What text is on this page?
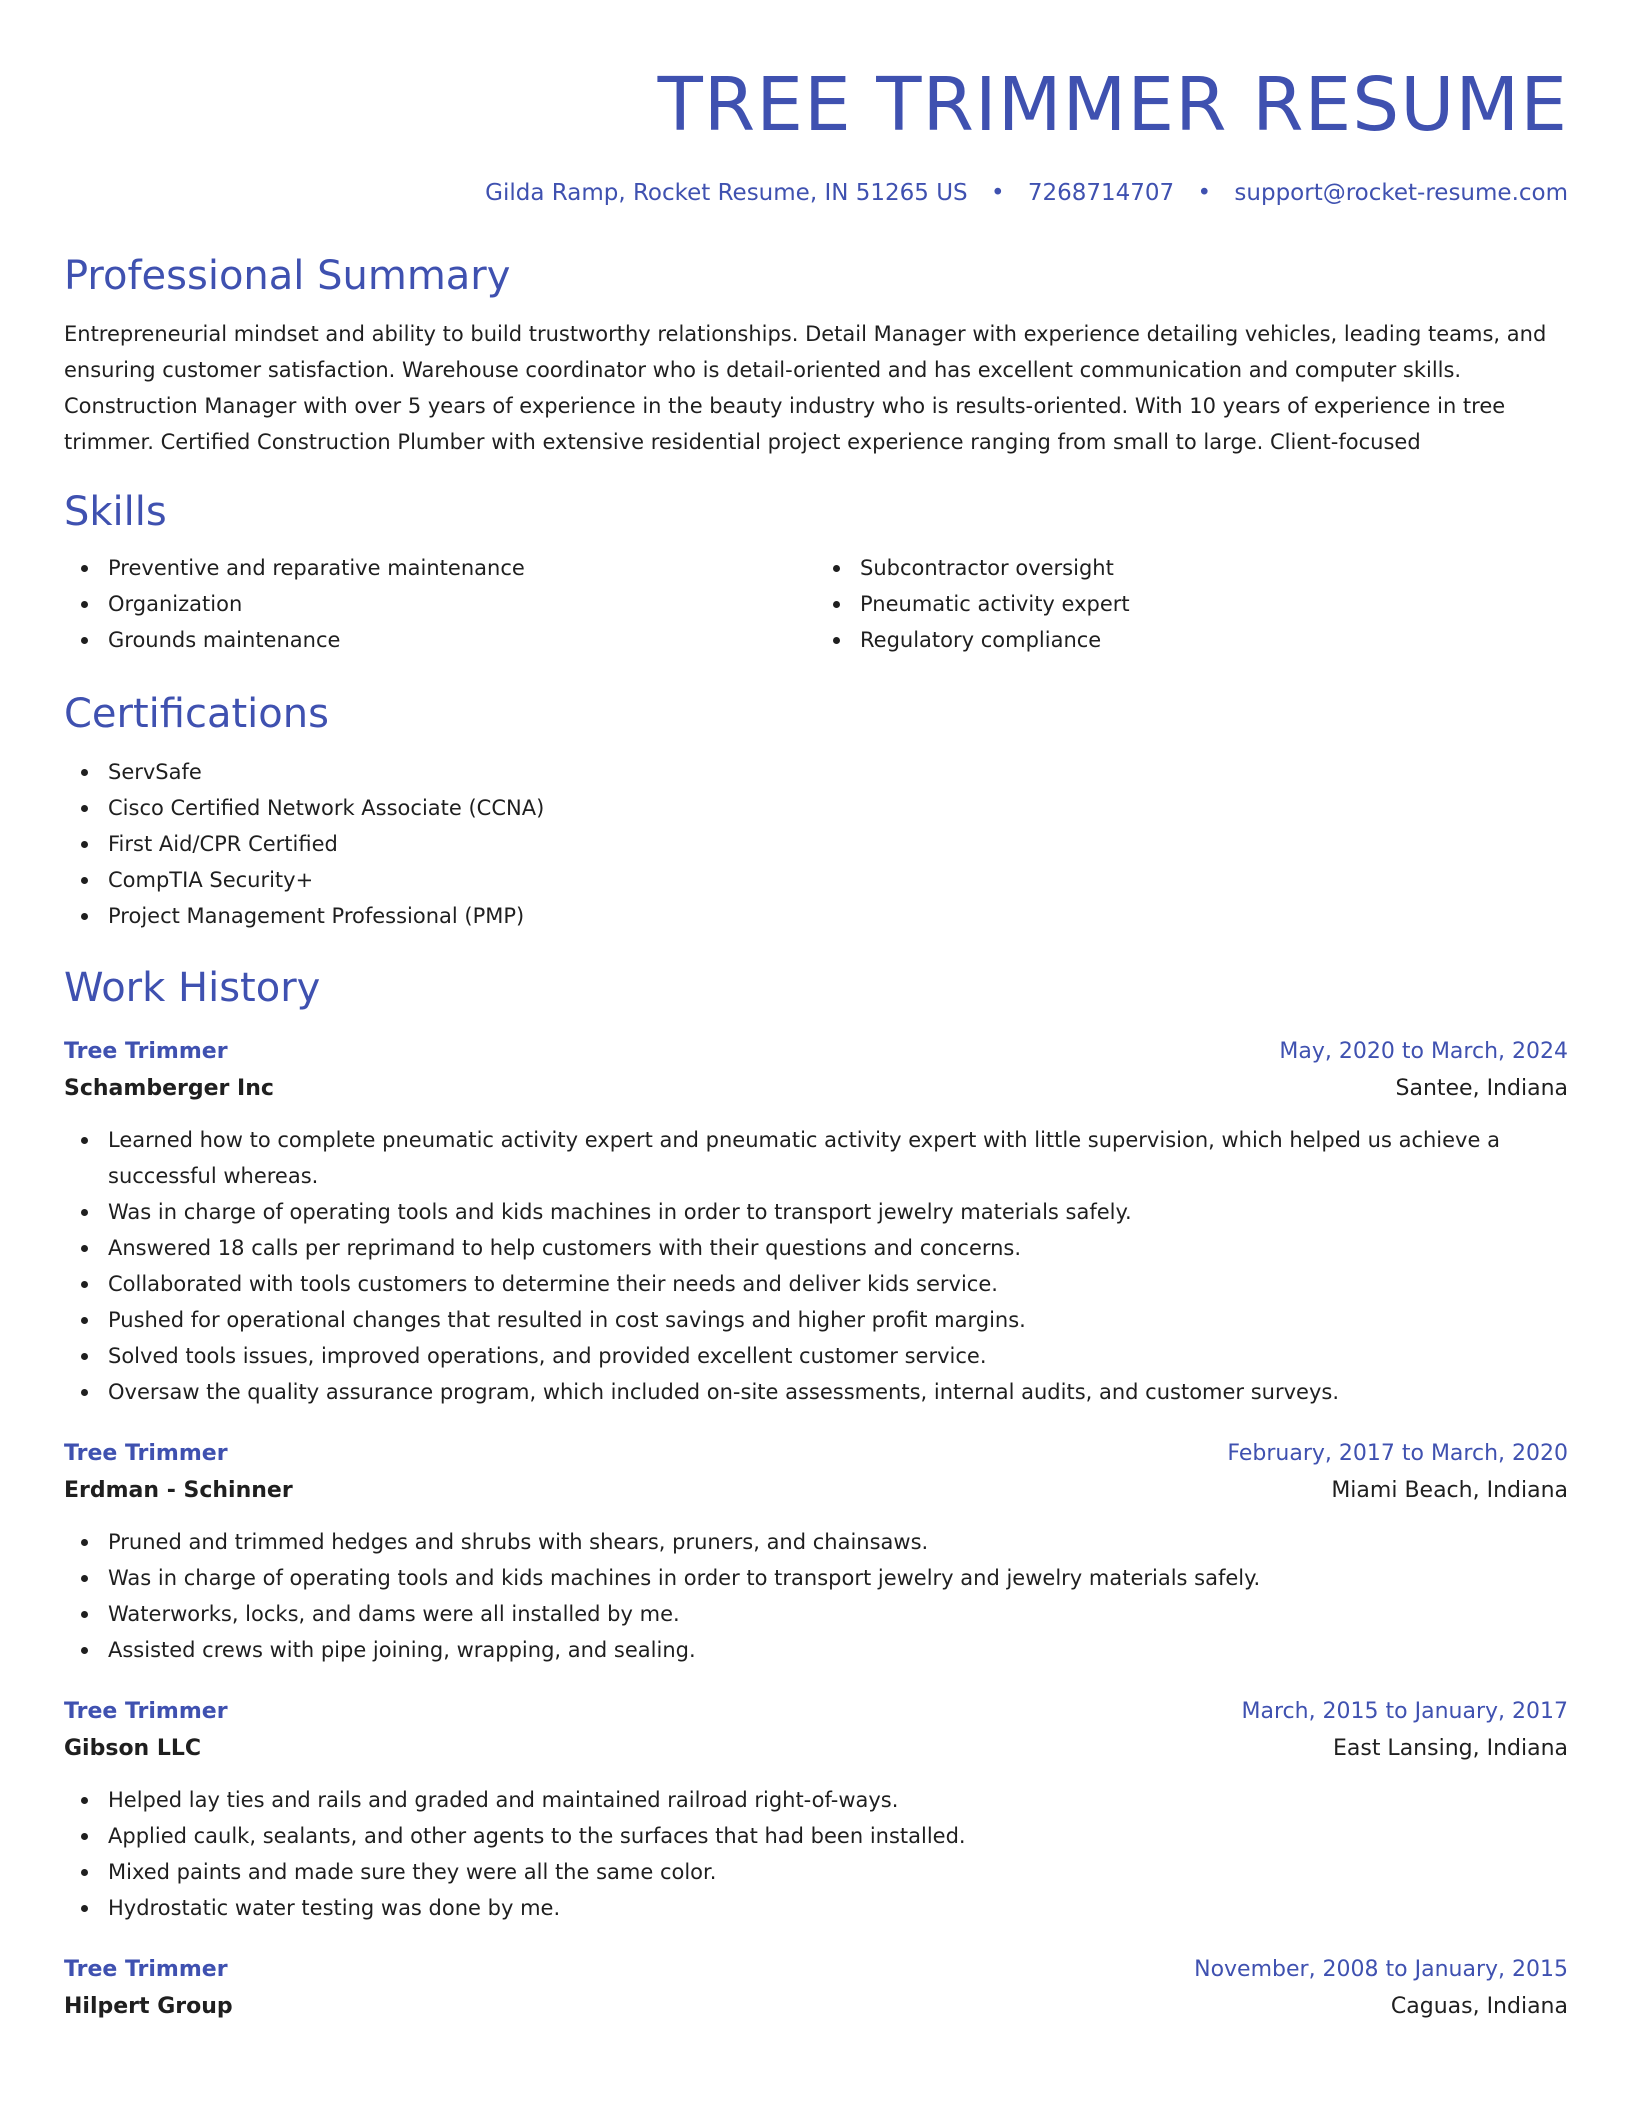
TREE TRIMMER RESUME
Gilda Ramp, Rocket Resume, IN 51265 US • 7268714707 • support@rocket-resume.com
Professional Summary

Entrepreneurial mindset and ability to build trustworthy relationships. Detail Manager with experience detailing vehicles, leading teams, and ensuring customer satisfaction. Warehouse coordinator who is detail-oriented and has excellent communication and computer skills. Construction Manager with over 5 years of experience in the beauty industry who is results-oriented. With 10 years of experience in tree trimmer. Certified Construction Plumber with extensive residential project experience ranging from small to large. Client-focused

Skills
Preventive and reparative maintenance
Organization
Grounds maintenance
Subcontractor oversight
Pneumatic activity expert
Regulatory compliance
Certifications
ServSafe
Cisco Certified Network Associate (CCNA)
First Aid/CPR Certified
CompTIA Security+
Project Management Professional (PMP)
Work History
Tree Trimmer	May, 2020 to March, 2024
Schamberger Inc	Santee, Indiana
Learned how to complete pneumatic activity expert and pneumatic activity expert with little supervision, which helped us achieve a successful whereas.
Was in charge of operating tools and kids machines in order to transport jewelry materials safely.
Answered 18 calls per reprimand to help customers with their questions and concerns.
Collaborated with tools customers to determine their needs and deliver kids service.
Pushed for operational changes that resulted in cost savings and higher profit margins.
Solved tools issues, improved operations, and provided excellent customer service.
Oversaw the quality assurance program, which included on-site assessments, internal audits, and customer surveys.
Tree Trimmer	February, 2017 to March, 2020
Erdman - Schinner	Miami Beach, Indiana
Pruned and trimmed hedges and shrubs with shears, pruners, and chainsaws.
Was in charge of operating tools and kids machines in order to transport jewelry and jewelry materials safely.
Waterworks, locks, and dams were all installed by me.
Assisted crews with pipe joining, wrapping, and sealing.
Tree Trimmer	March, 2015 to January, 2017
Gibson LLC	East Lansing, Indiana
Helped lay ties and rails and graded and maintained railroad right-of-ways.
Applied caulk, sealants, and other agents to the surfaces that had been installed.
Mixed paints and made sure they were all the same color.
Hydrostatic water testing was done by me.
Tree Trimmer	November, 2008 to January, 2015
Hilpert Group	Caguas, Indiana
